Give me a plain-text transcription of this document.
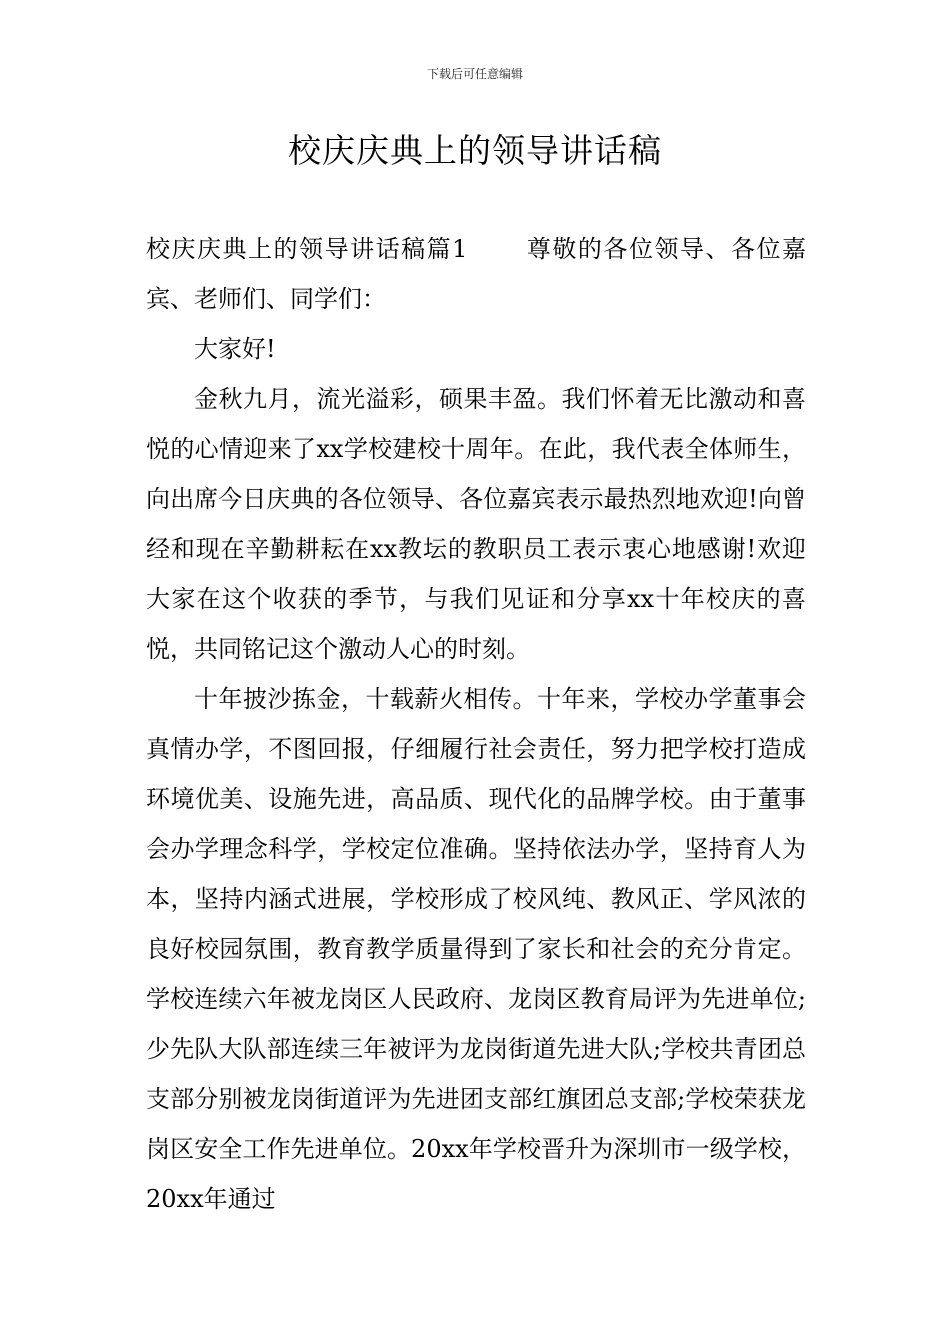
下载后可任意编辑
校庆庆典上的领导讲话稿

校庆庆典上的领导讲话稿篇1 尊敬的各位领导、各位嘉宾、老师们、同学们：

大家好!

金秋九月，流光溢彩，硕果丰盈。我们怀着无比激动和喜悦的心情迎来了xx学校建校十周年。在此，我代表全体师生，向出席今日庆典的各位领导、各位嘉宾表示最热烈地欢迎!向曾经和现在辛勤耕耘在xx教坛的教职员工表示衷心地感谢!欢迎大家在这个收获的季节，与我们见证和分享xx十年校庆的喜悦，共同铭记这个激动人心的时刻。

十年披沙拣金，十载薪火相传。十年来，学校办学董事会真情办学，不图回报，仔细履行社会责任，努力把学校打造成环境优美、设施先进，高品质、现代化的品牌学校。由于董事会办学理念科学，学校定位准确。坚持依法办学，坚持育人为本，坚持内涵式进展，学校形成了校风纯、教风正、学风浓的良好校园氛围，教育教学质量得到了家长和社会的充分肯定。学校连续六年被龙岗区人民政府、龙岗区教育局评为先进单位;少先队大队部连续三年被评为龙岗街道先进大队;学校共青团总支部分别被龙岗街道评为先进团支部红旗团总支部;学校荣获龙岗区安全工作先进单位。20xx年学校晋升为深圳市一级学校，20xx年通过
